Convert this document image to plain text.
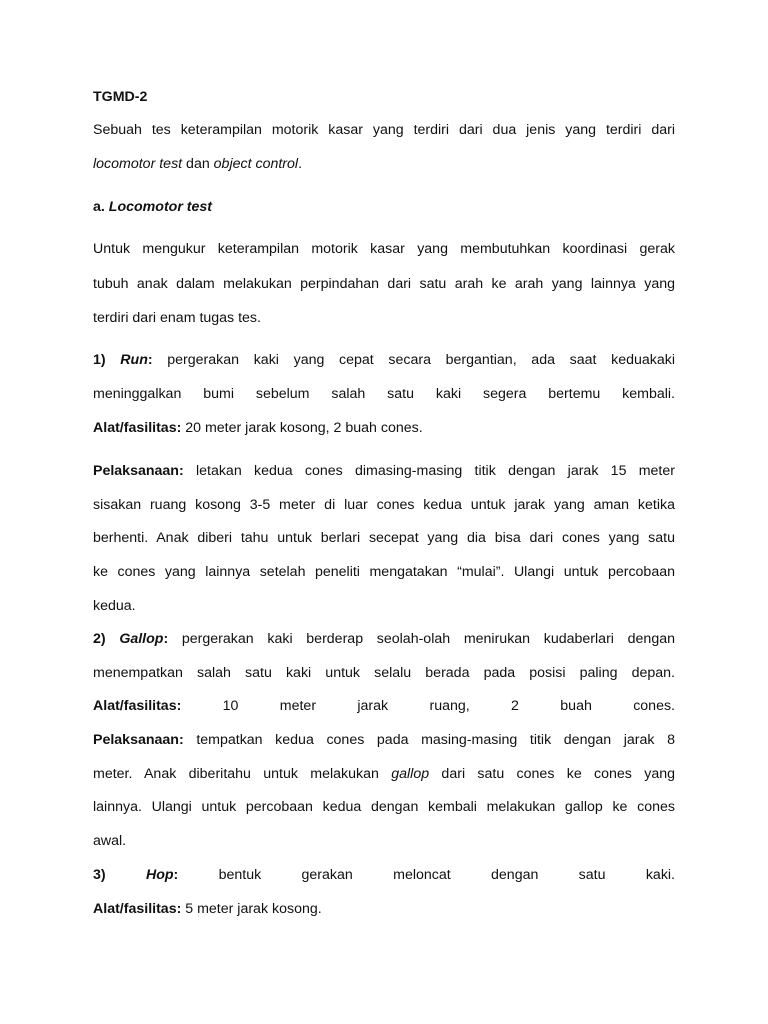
TGMD-2
Sebuah tes keterampilan motorik kasar yang terdiri dari dua jenis yang terdiri dari
locomotor test dan object control.
a. Locomotor test
Untuk mengukur keterampilan motorik kasar yang membutuhkan koordinasi gerak
tubuh anak dalam melakukan perpindahan dari satu arah ke arah yang lainnya yang
terdiri dari enam tugas tes.
1) Run: pergerakan kaki yang cepat secara bergantian, ada saat keduakaki
meninggalkan bumi sebelum salah satu kaki segera bertemu kembali.
Alat/fasilitas: 20 meter jarak kosong, 2 buah cones.
Pelaksanaan: letakan kedua cones dimasing-masing titik dengan jarak 15 meter
sisakan ruang kosong 3-5 meter di luar cones kedua untuk jarak yang aman ketika
berhenti. Anak diberi tahu untuk berlari secepat yang dia bisa dari cones yang satu
ke cones yang lainnya setelah peneliti mengatakan “mulai”. Ulangi untuk percobaan
kedua.
2) Gallop: pergerakan kaki berderap seolah-olah menirukan kudaberlari dengan
menempatkan salah satu kaki untuk selalu berada pada posisi paling depan.
Alat/fasilitas: 10 meter jarak ruang, 2 buah cones.
Pelaksanaan: tempatkan kedua cones pada masing-masing titik dengan jarak 8
meter. Anak diberitahu untuk melakukan gallop dari satu cones ke cones yang
lainnya. Ulangi untuk percobaan kedua dengan kembali melakukan gallop ke cones
awal.
3) Hop: bentuk gerakan meloncat dengan satu kaki.
Alat/fasilitas: 5 meter jarak kosong.
